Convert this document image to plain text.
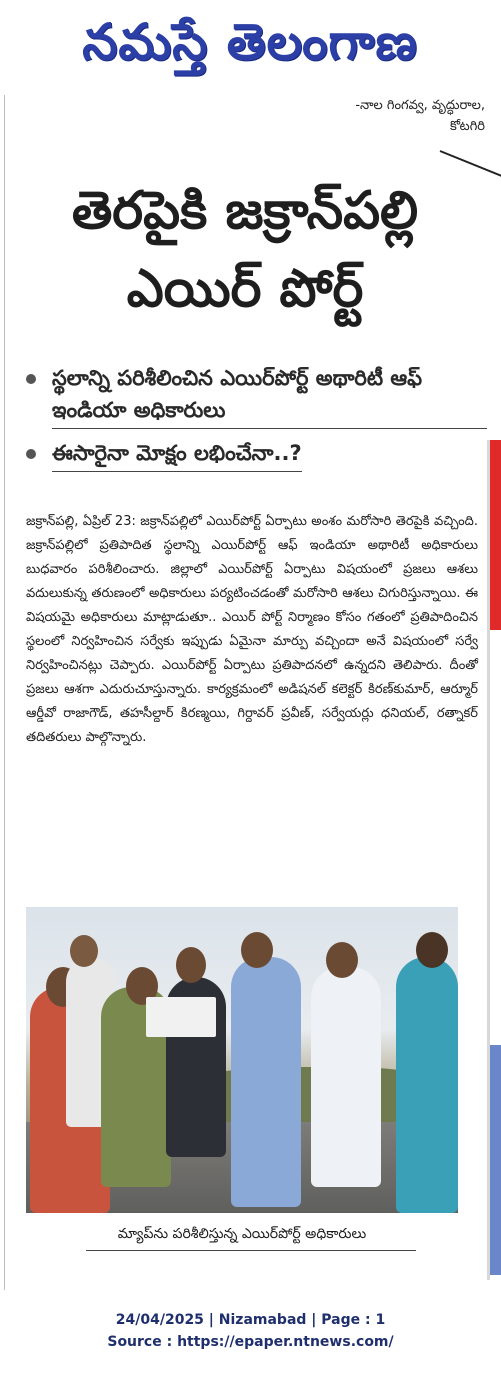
నమస్తే తెలంగాణ
-నాల గింగవ్వ, వృద్ధురాల,
కోటగిరి
తెరపైకి జక్రాన్‌పల్లి
ఎయిర్ పోర్ట్
స్థలాన్ని పరిశీలించిన ఎయిర్‌పోర్ట్ అథారిటీ ఆఫ్ ఇండియా అధికారులు
ఈసారైనా మోక్షం లభించేనా..?
జక్రాన్‌పల్లి, ఏప్రిల్ 23: జక్రాన్‌పల్లిలో ఎయిర్‌పోర్ట్ ఏర్పాటు అంశం మరోసారి తెరపైకి వచ్చింది. జక్రాన్‌పల్లిలో ప్రతిపాదిత స్థలాన్ని ఎయిర్‌పోర్ట్ ఆఫ్ ఇండియా అథారిటీ అధికారులు బుధవారం పరిశీలించారు. జిల్లాలో ఎయిర్‌పోర్ట్ ఏర్పాటు విషయంలో ప్రజలు ఆశలు వదులుకున్న తరుణంలో అధికారులు పర్యటించడంతో మరోసారి ఆశలు చిగురిస్తున్నాయి. ఈ విషయమై అధికారులు మాట్లాడుతూ.. ఎయిర్ పోర్ట్ నిర్మాణం కోసం గతంలో ప్రతిపాదించిన స్థలంలో నిర్వహించిన సర్వేకు ఇప్పుడు ఏమైనా మార్పు వచ్చిందా అనే విషయంలో సర్వే నిర్వహించినట్లు చెప్పారు. ఎయిర్‌పోర్ట్ ఏర్పాటు ప్రతిపాదనలో ఉన్నదని తెలిపారు. దీంతో ప్రజలు ఆశగా ఎదురుచూస్తున్నారు. కార్యక్రమంలో అడిషనల్ కలెక్టర్ కిరణ్‌కుమార్, ఆర్మూర్ ఆర్డీవో రాజాగౌడ్, తహసీల్దార్ కిరణ్మయి, గిర్దావర్ ప్రవీణ్, సర్వేయర్లు ధనియల్, రత్నాకర్ తదితరులు పాల్గొన్నారు.
మ్యాప్‌ను పరిశీలిస్తున్న ఎయిర్‌పోర్ట్ అధికారులు
24/04/2025 | Nizamabad | Page : 1
Source : https://epaper.ntnews.com/
